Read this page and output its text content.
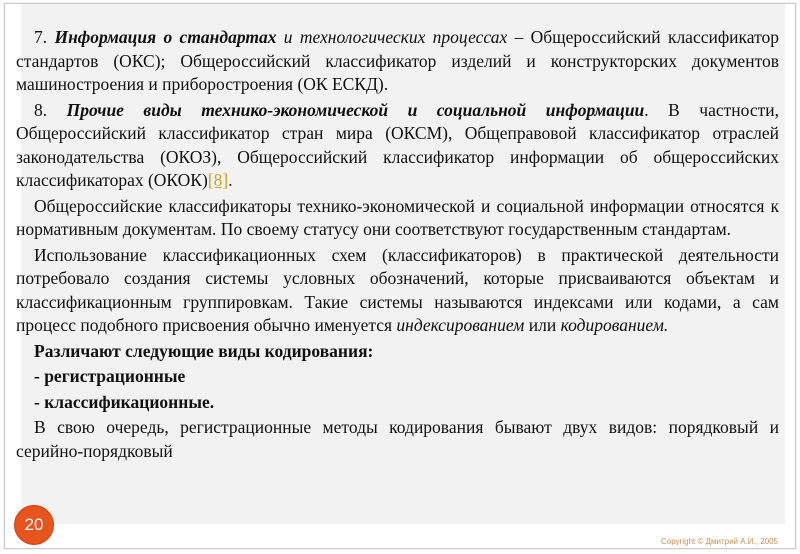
7. Информация о стандартах и технологических процессах – Общероссийский классификатор стандартов (ОКС); Общероссийский классификатор изделий и конструкторских документов машиностроения и приборостроения (ОК ЕСКД).

8. Прочие виды технико-экономической и социальной информации. В частности, Общероссийский классификатор стран мира (ОКСМ), Общеправовой классификатор отраслей законодательства (ОКОЗ), Общероссийский классификатор информации об общероссийских классификаторах (ОКОК)[8].

Общероссийские классификаторы технико-экономической и социальной информации относятся к нормативным документам. По своему статусу они соответствуют государственным стандартам.

Использование классификационных схем (классификаторов) в практической деятельности потребовало создания системы условных обозначений, которые присваиваются объектам и классификационным группировкам. Такие системы называются индексами или кодами, а сам процесс подобного присвоения обычно именуется индексированием или кодированием.

Различают следующие виды кодирования:

- регистрационные

- классификационные.

В свою очередь, регистрационные методы кодирования бывают двух видов: порядковый и серийно-порядковый

20
Copyright © Дмитрий А.И., 2005
